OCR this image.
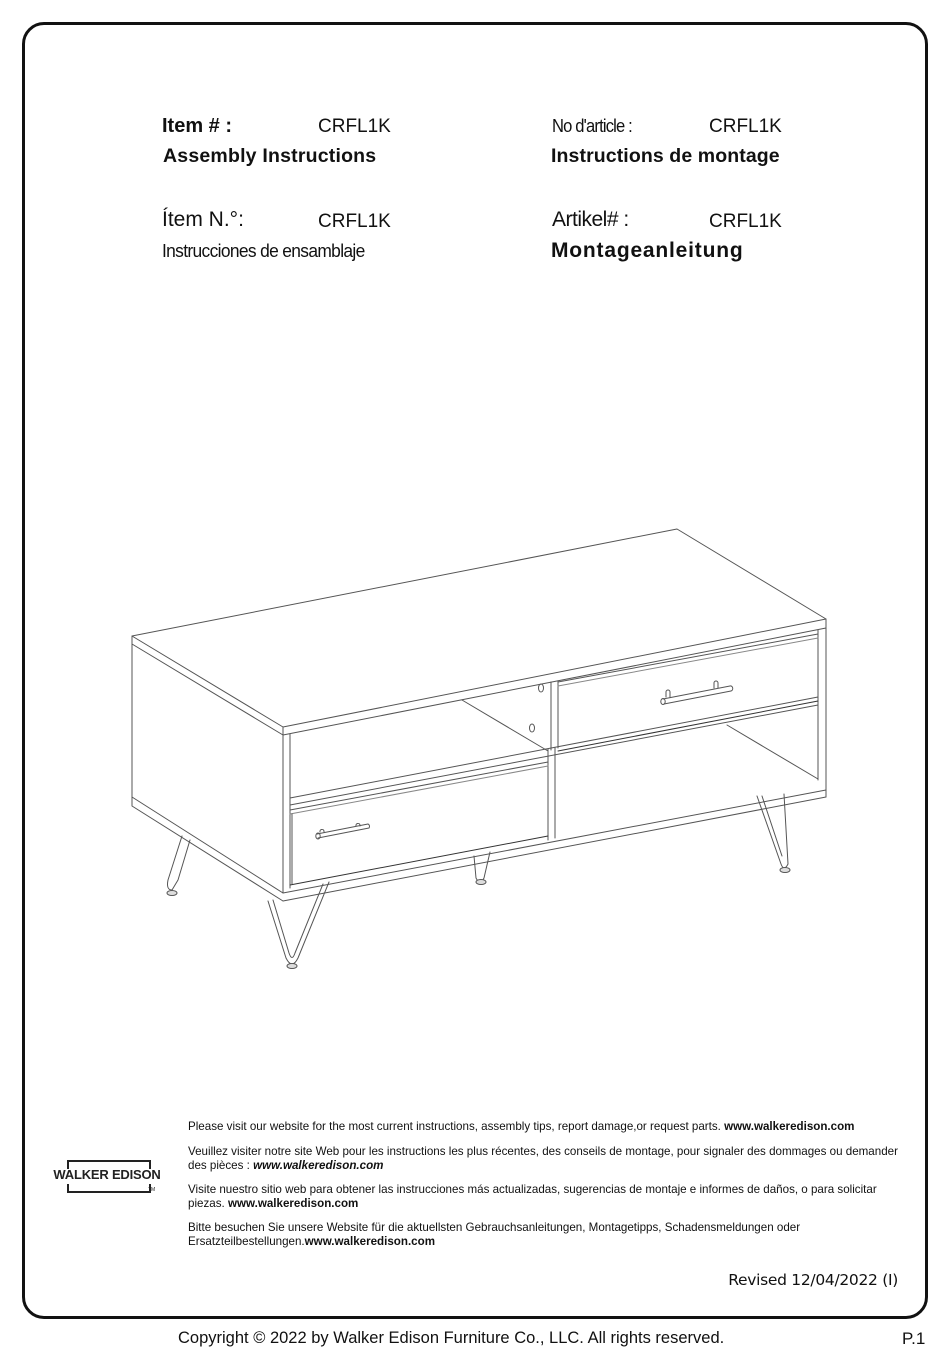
Item # :	CRFL1K
Assembly Instructions
No d'article :	CRFL1K
Instructions de montage
Ítem N.°:	CRFL1K
Instrucciones de ensamblaje
Artikel# :	CRFL1K
Montageanleitung
Please visit our website for the most current instructions, assembly tips, report damage,or request parts. www.walkeredison.com
Veuillez visiter notre site Web pour les instructions les plus récentes, des conseils de montage, pour signaler des dommages ou demander des pièces : www.walkeredison.com
Visite nuestro sitio web para obtener las instrucciones más actualizadas, sugerencias de montaje e informes de daños, o para solicitar piezas. www.walkeredison.com
Bitte besuchen Sie unsere Website für die aktuellsten Gebrauchsanleitungen, Montagetipps, Schadensmeldungen oder Ersatzteilbestellungen.www.walkeredison.com
WALKER EDISON
TM
Revised 12/04/2022 (I)
Copyright © 2022 by Walker Edison Furniture Co., LLC. All rights reserved.	P.1
